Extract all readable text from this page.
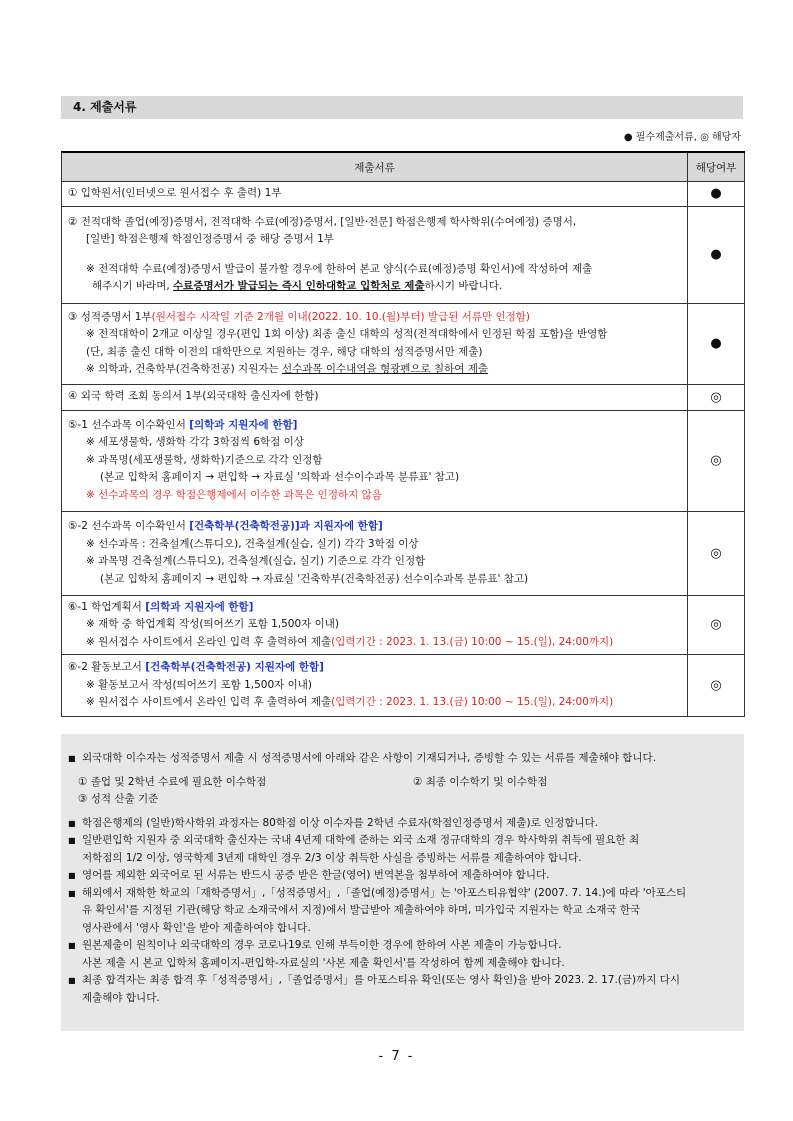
4. 제출서류
● 필수제출서류, ◎ 해당자
제출서류	해당여부

① 입학원서(인터넷으로 원서접수 후 출력) 1부	●

② 전적대학 졸업(예정)증명서, 전적대학 수료(예정)증명서, [일반·전문] 학점은행제 학사학위(수여예정) 증명서,
[일반] 학점은행제 학점인정증명서 중 해당 증명서 1부
※ 전적대학 수료(예정)증명서 발급이 불가할 경우에 한하여 본교 양식(수료(예정)증명 확인서)에 작성하여 제출
해주시기 바라며, 수료증명서가 발급되는 즉시 인하대학교 입학처로 제출하시기 바랍니다.	●

③ 성적증명서 1부(원서접수 시작일 기준 2개월 이내(2022. 10. 10.(월)부터) 발급된 서류만 인정함)
※ 전적대학이 2개교 이상일 경우(편입 1회 이상) 최종 출신 대학의 성적(전적대학에서 인정된 학점 포함)을 반영함
(단, 최종 출신 대학 이전의 대학만으로 지원하는 경우, 해당 대학의 성적증명서만 제출)
※ 의학과, 건축학부(건축학전공) 지원자는 선수과목 이수내역을 형광펜으로 칠하여 제출	●

④ 외국 학력 조회 동의서 1부(외국대학 출신자에 한함)	◎

⑤-1 선수과목 이수확인서 [의학과 지원자에 한함]
※ 세포생물학, 생화학 각각 3학점씩 6학점 이상
※ 과목명(세포생물학, 생화학)기준으로 각각 인정함
(본교 입학처 홈페이지 → 편입학 → 자료실 '의학과 선수이수과목 분류표' 참고)
※ 선수과목의 경우 학점은행제에서 이수한 과목은 인정하지 않음	◎

⑤-2 선수과목 이수확인서 [건축학부(건축학전공)]과 지원자에 한함]
※ 선수과목 : 건축설계(스튜디오), 건축설계(실습, 실기) 각각 3학점 이상
※ 과목명 건축설계(스튜디오), 건축설계(실습, 실기) 기준으로 각각 인정함
(본교 입학처 홈페이지 → 편입학 → 자료실 '건축학부(건축학전공) 선수이수과목 분류표' 참고)	◎

⑥-1 학업계획서 [의학과 지원자에 한함]
※ 재학 중 학업계획 작성(띄어쓰기 포함 1,500자 이내)
※ 원서접수 사이트에서 온라인 입력 후 출력하여 제출(입력기간 : 2023. 1. 13.(금) 10:00 ~ 15.(일), 24:00까지)	◎

⑥-2 활동보고서 [건축학부(건축학전공) 지원자에 한함]
※ 활동보고서 작성(띄어쓰기 포함 1,500자 이내)
※ 원서접수 사이트에서 온라인 입력 후 출력하여 제출(입력기간 : 2023. 1. 13.(금) 10:00 ~ 15.(일), 24:00까지)	◎
■ 외국대학 이수자는 성적증명서 제출 시 성적증명서에 아래와 같은 사항이 기재되거나, 증빙할 수 있는 서류를 제출해야 합니다.
① 졸업 및 2학년 수료에 필요한 이수학점	② 최종 이수학기 및 이수학점
③ 성적 산출 기준
■ 학점은행제의 (일반)학사학위 과정자는 80학점 이상 이수자를 2학년 수료자(학점인정증명서 제출)로 인정합니다.
■ 일반편입학 지원자 중 외국대학 출신자는 국내 4년제 대학에 준하는 외국 소재 정규대학의 경우 학사학위 취득에 필요한 최
저학점의 1/2 이상, 영국학제 3년제 대학인 경우 2/3 이상 취득한 사실을 증빙하는 서류를 제출하여야 합니다.
■ 영어를 제외한 외국어로 된 서류는 반드시 공증 받은 한글(영어) 번역본을 첨부하여 제출하여야 합니다.
■ 해외에서 재학한 학교의「재학증명서」,「성적증명서」,「졸업(예정)증명서」는 '아포스티유협약' (2007. 7. 14.)에 따라 '아포스티
유 확인서'를 지정된 기관(해당 학교 소재국에서 지정)에서 발급받아 제출하여야 하며, 미가입국 지원자는 학교 소재국 한국
영사관에서 '영사 확인'을 받아 제출하여야 합니다.
■ 원본제출이 원칙이나 외국대학의 경우 코로나19로 인해 부득이한 경우에 한하여 사본 제출이 가능합니다.
사본 제출 시 본교 입학처 홈페이지-편입학-자료실의 '사본 제출 확인서'를 작성하여 함께 제출해야 합니다.
■ 최종 합격자는 최종 합격 후「성적증명서」,「졸업증명서」를 아포스티유 확인(또는 영사 확인)을 받아 2023. 2. 17.(금)까지 다시
제출해야 합니다.
- 7 -
